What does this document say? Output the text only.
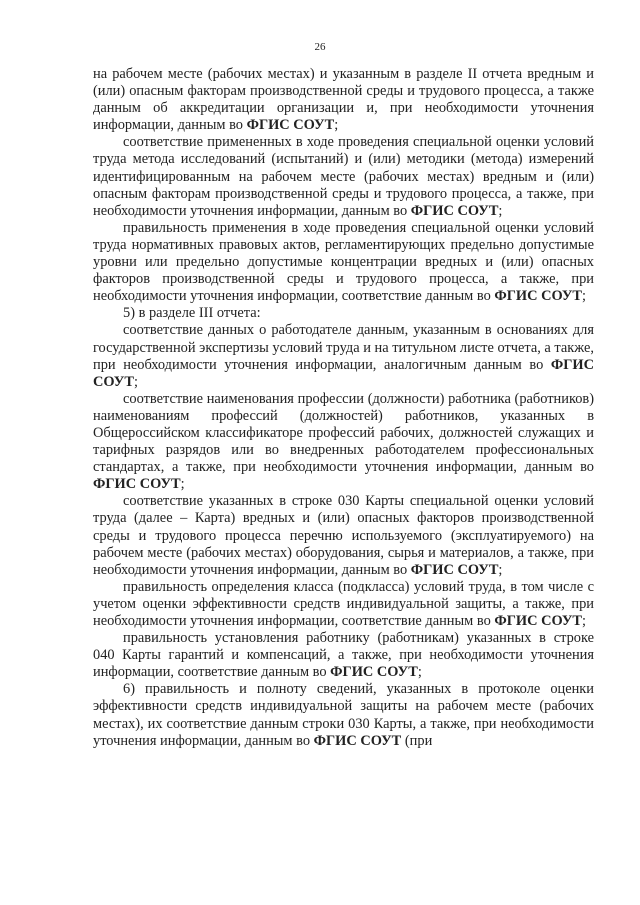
26

на рабочем месте (рабочих местах) и указанным в разделе II отчета вредным и (или) опасным факторам производственной среды и трудового процесса, а также данным об аккредитации организации и, при необходимости уточнения информации, данным во ФГИС СОУТ;

соответствие примененных в ходе проведения специальной оценки условий труда метода исследований (испытаний) и (или) методики (метода) измерений идентифицированным на рабочем месте (рабочих местах) вредным и (или) опасным факторам производственной среды и трудового процесса, а также, при необходимости уточнения информации, данным во ФГИС СОУТ;

правильность применения в ходе проведения специальной оценки условий труда нормативных правовых актов, регламентирующих предельно допустимые уровни или предельно допустимые концентрации вредных и (или) опасных факторов производственной среды и трудового процесса, а также, при необходимости уточнения информации, соответствие данным во ФГИС СОУТ;

5) в разделе III отчета:

соответствие данных о работодателе данным, указанным в основаниях для государственной экспертизы условий труда и на титульном листе отчета, а также, при необходимости уточнения информации, аналогичным данным во ФГИС СОУТ;

соответствие наименования профессии (должности) работника (работников) наименованиям профессий (должностей) работников, указанных в Общероссийском классификаторе профессий рабочих, должностей служащих и тарифных разрядов или во внедренных работодателем профессиональных стандартах, а также, при необходимости уточнения информации, данным во ФГИС СОУТ;

соответствие указанных в строке 030 Карты специальной оценки условий труда (далее – Карта) вредных и (или) опасных факторов производственной среды и трудового процесса перечню используемого (эксплуатируемого) на рабочем месте (рабочих местах) оборудования, сырья и материалов, а также, при необходимости уточнения информации, данным во ФГИС СОУТ;

правильность определения класса (подкласса) условий труда, в том числе с учетом оценки эффективности средств индивидуальной защиты, а также, при необходимости уточнения информации, соответствие данным во ФГИС СОУТ;

правильность установления работнику (работникам) указанных в строке 040 Карты гарантий и компенсаций, а также, при необходимости уточнения информации, соответствие данным во ФГИС СОУТ;

6) правильность и полноту сведений, указанных в протоколе оценки эффективности средств индивидуальной защиты на рабочем месте (рабочих местах), их соответствие данным строки 030 Карты, а также, при необходимости уточнения информации, данным во ФГИС СОУТ (при
